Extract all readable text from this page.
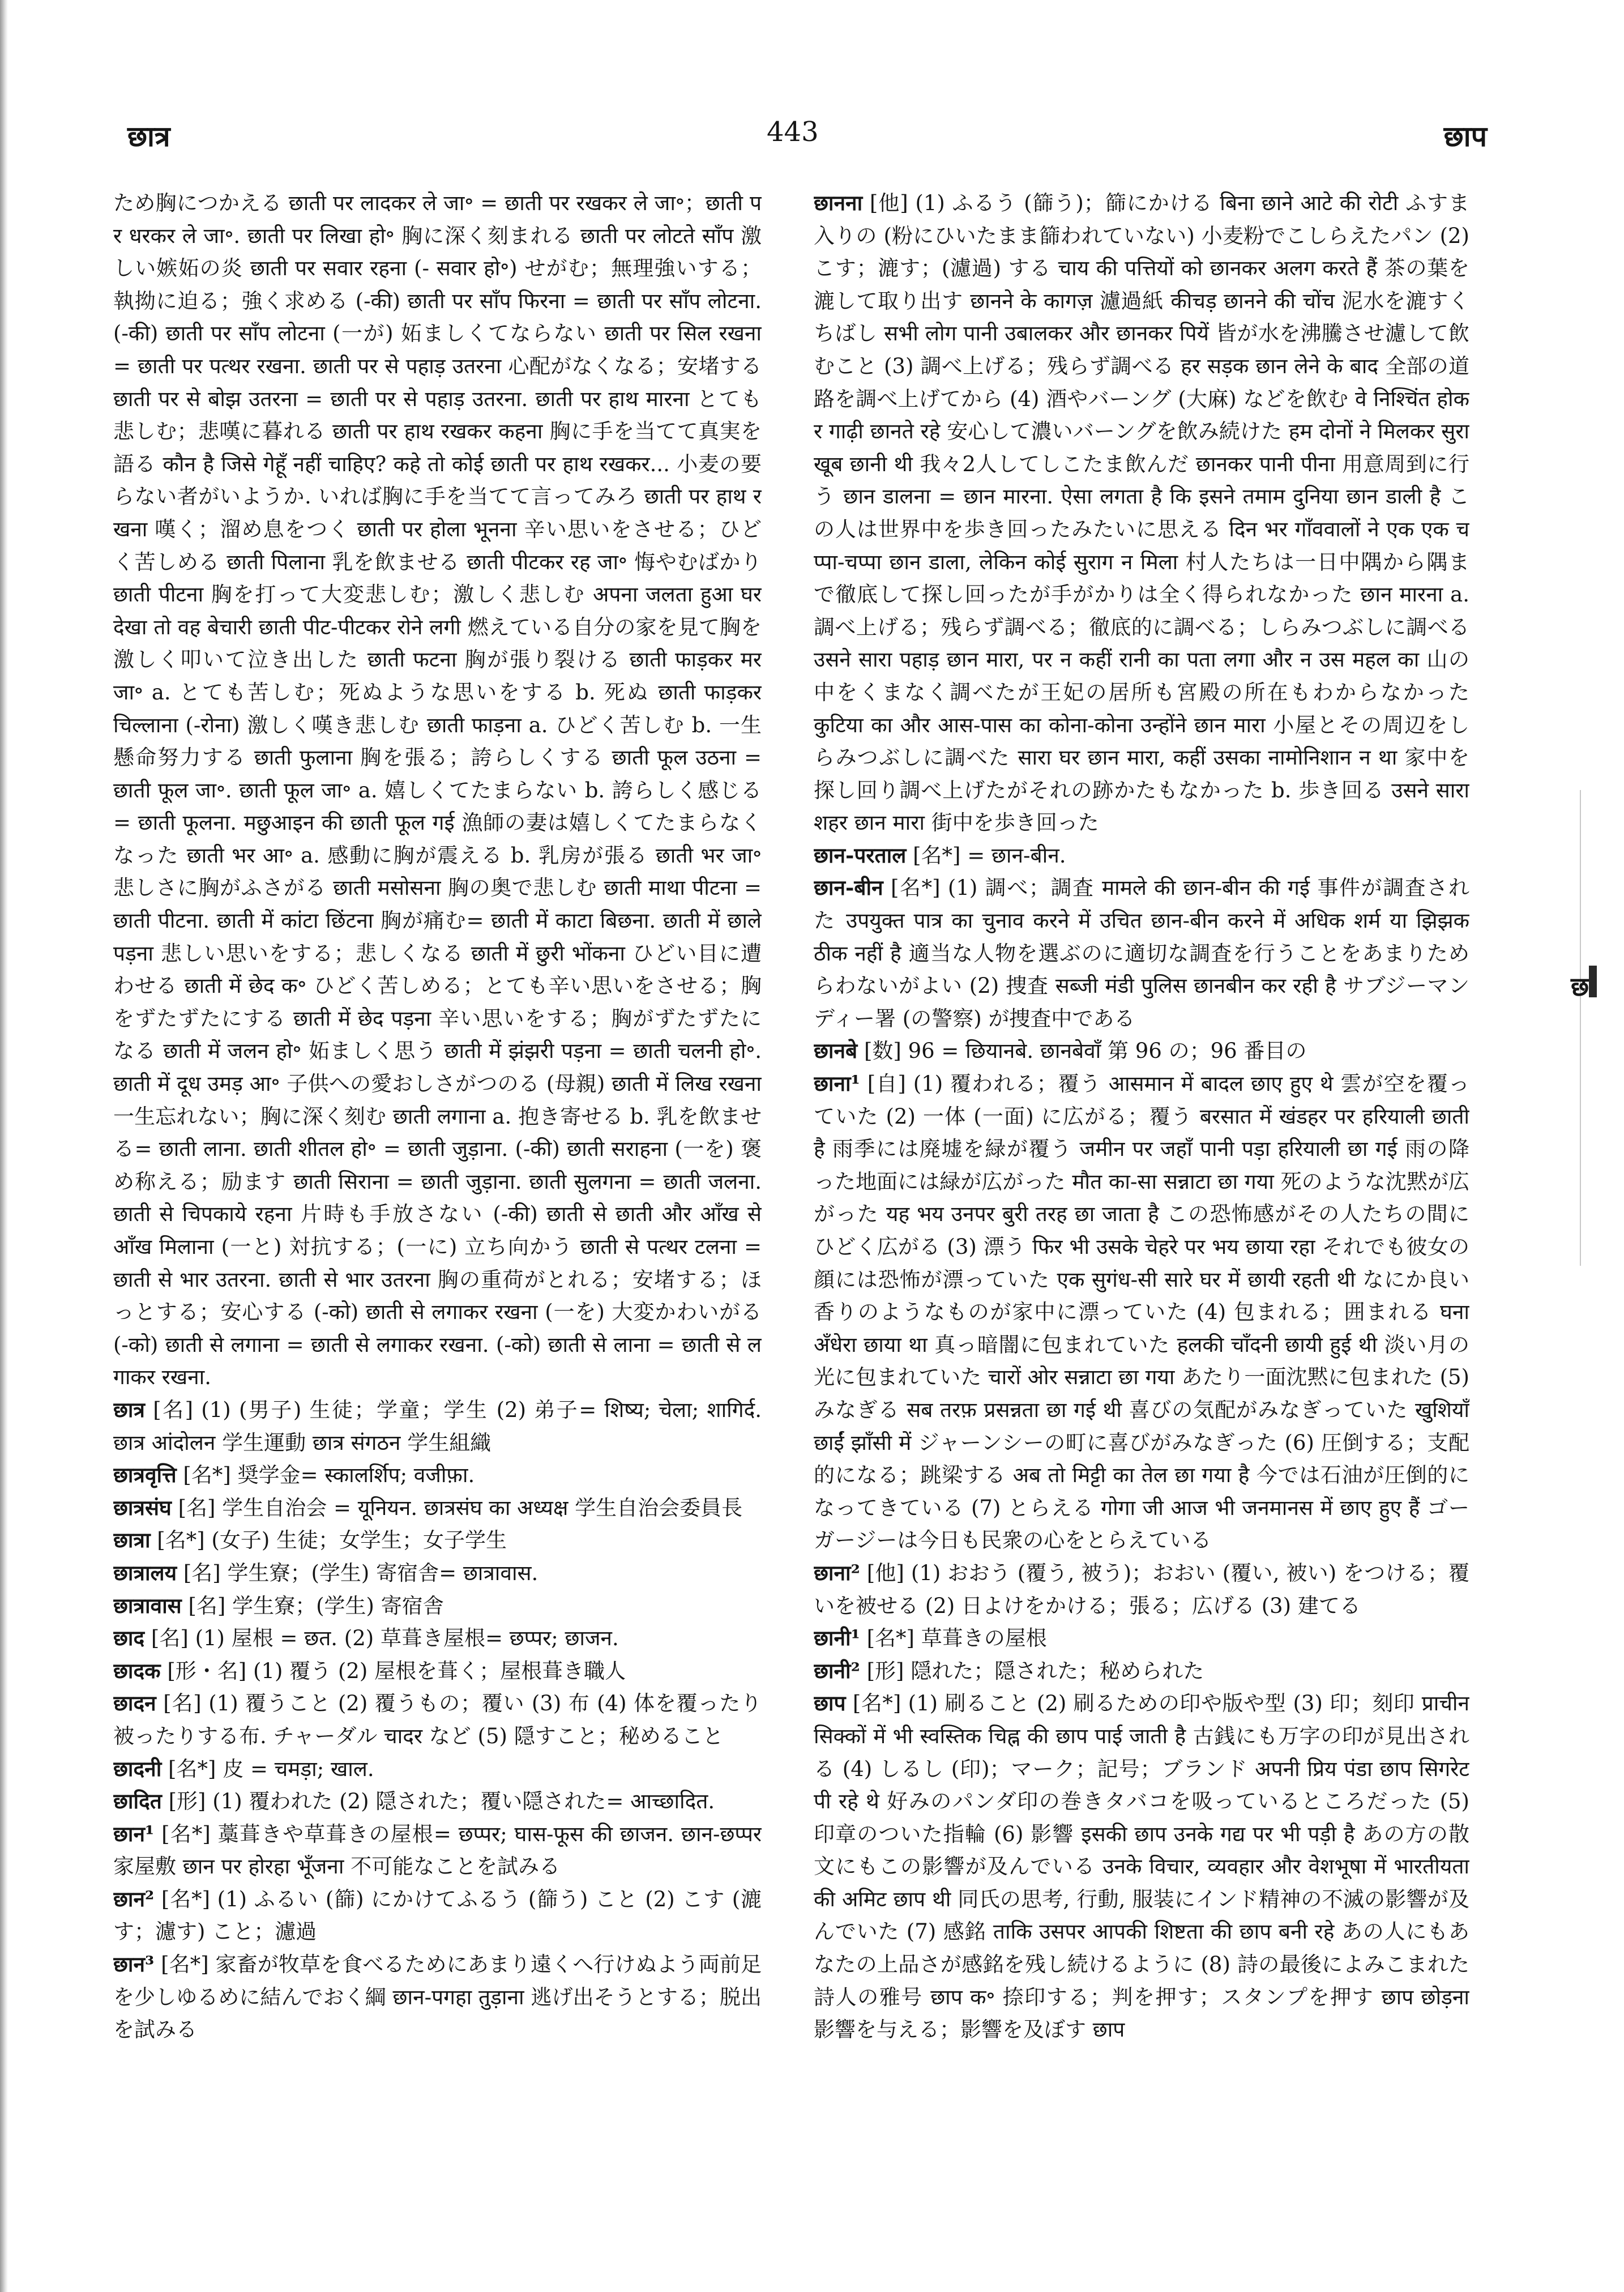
छात्र	443	छाप

ため胸につかえる छाती पर लादकर ले जा॰ = छाती पर रखकर ले जा॰；छाती पर धरकर ले जा॰. छाती पर लिखा हो॰ 胸に深く刻まれる छाती पर लोटते साँप 激しい嫉妬の炎 छाती पर सवार रहना (- सवार हो॰) せがむ；無理強いする；執拗に迫る；強く求める (-की) छाती पर साँप फिरना = छाती पर साँप लोटना. (-की) छाती पर साँप लोटना (一が) 妬ましくてならない छाती पर सिल रखना = छाती पर पत्थर रखना. छाती पर से पहाड़ उतरना 心配がなくなる；安堵する छाती पर से बोझ उतरना = छाती पर से पहाड़ उतरना. छाती पर हाथ मारना とても悲しむ；悲嘆に暮れる छाती पर हाथ रखकर कहना 胸に手を当てて真実を語る कौन है जिसे गेहूँ नहीं चाहिए? कहे तो कोई छाती पर हाथ रखकर... 小麦の要らない者がいようか. いれば胸に手を当てて言ってみろ छाती पर हाथ रखना 嘆く；溜め息をつく छाती पर होला भूनना 辛い思いをさせる；ひどく苦しめる छाती पिलाना 乳を飲ませる छाती पीटकर रह जा॰ 悔やむばかり छाती पीटना 胸を打って大変悲しむ；激しく悲しむ अपना जलता हुआ घर देखा तो वह बेचारी छाती पीट-पीटकर रोने लगी 燃えている自分の家を見て胸を激しく叩いて泣き出した छाती फटना 胸が張り裂ける छाती फाड़कर मर जा॰ a. とても苦しむ；死ぬような思いをする b. 死ぬ छाती फाड़कर चिल्लाना (-रोना) 激しく嘆き悲しむ छाती फाड़ना a. ひどく苦しむ b. 一生懸命努力する छाती फुलाना 胸を張る；誇らしくする छाती फूल उठना = छाती फूल जा॰. छाती फूल जा॰ a. 嬉しくてたまらない b. 誇らしく感じる= छाती फूलना. मछुआइन की छाती फूल गई 漁師の妻は嬉しくてたまらなくなった छाती भर आ॰ a. 感動に胸が震える b. 乳房が張る छाती भर जा॰ 悲しさに胸がふさがる छाती मसोसना 胸の奥で悲しむ छाती माथा पीटना = छाती पीटना. छाती में कांटा छिंटना 胸が痛む= छाती में काटा बिछना. छाती में छाले पड़ना 悲しい思いをする；悲しくなる छाती में छुरी भोंकना ひどい目に遭わせる छाती में छेद क॰ ひどく苦しめる；とても辛い思いをさせる；胸をずたずたにする छाती में छेद पड़ना 辛い思いをする；胸がずたずたになる छाती में जलन हो॰ 妬ましく思う छाती में झंझरी पड़ना = छाती चलनी हो॰. छाती में दूध उमड़ आ॰ 子供への愛おしさがつのる (母親) छाती में लिख रखना 一生忘れない；胸に深く刻む छाती लगाना a. 抱き寄せる b. 乳を飲ませる= छाती लाना. छाती शीतल हो॰ = छाती जुड़ाना. (-की) छाती सराहना (一を) 褒め称える；励ます छाती सिराना = छाती जुड़ाना. छाती सुलगना = छाती जलना. छाती से चिपकाये रहना 片時も手放さない (-की) छाती से छाती और आँख से आँख मिलाना (一と) 対抗する；(一に) 立ち向かう छाती से पत्थर टलना = छाती से भार उतरना. छाती से भार उतरना 胸の重荷がとれる；安堵する；ほっとする；安心する (-को) छाती से लगाकर रखना (一を) 大変かわいがる (-को) छाती से लगाना = छाती से लगाकर रखना. (-को) छाती से लाना = छाती से लगाकर रखना.

छात्र [名] (1) (男子) 生徒；学童；学生 (2) 弟子= शिष्य; चेला; शागिर्द. छात्र आंदोलन 学生運動 छात्र संगठन 学生組織

छात्रवृत्ति [名*] 奨学金= स्कालर्शिप; वजीफ़ा.

छात्रसंघ [名] 学生自治会 = यूनियन. छात्रसंघ का अध्यक्ष 学生自治会委員長

छात्रा [名*] (女子) 生徒；女学生；女子学生

छात्रालय [名] 学生寮；(学生) 寄宿舎= छात्रावास.

छात्रावास [名] 学生寮；(学生) 寄宿舎

छाद [名] (1) 屋根 = छत. (2) 草葺き屋根= छप्पर; छाजन.

छादक [形・名] (1) 覆う (2) 屋根を葺く；屋根葺き職人

छादन [名] (1) 覆うこと (2) 覆うもの；覆い (3) 布 (4) 体を覆ったり被ったりする布. チャーダル चादर など (5) 隠すこと；秘めること

छादनी [名*] 皮 = चमड़ा; खाल.

छादित [形] (1) 覆われた (2) 隠された；覆い隠された= आच्छादित.

छान¹ [名*] 藁葺きや草葺きの屋根= छप्पर; घास-फूस की छाजन. छान-छप्पर 家屋敷 छान पर होरहा भूँजना 不可能なことを試みる

छान² [名*] (1) ふるい (篩) にかけてふるう (篩う) こと (2) こす (漉す；濾す) こと；濾過

छान³ [名*] 家畜が牧草を食べるためにあまり遠くへ行けぬよう両前足を少しゆるめに結んでおく綱 छान-पगहा तुड़ाना 逃げ出そうとする；脱出を試みる

छानना [他] (1) ふるう (篩う)；篩にかける बिना छाने आटे की रोटी ふすま入りの (粉にひいたまま篩われていない) 小麦粉でこしらえたパン (2) こす；漉す；(濾過) する चाय की पत्तियों को छानकर अलग करते हैं 茶の葉を漉して取り出す छानने के कागज़ 濾過紙 कीचड़ छानने की चोंच 泥水を漉すくちばし सभी लोग पानी उबालकर और छानकर पियें 皆が水を沸騰させ濾して飲むこと (3) 調べ上げる；残らず調べる हर सड़क छान लेने के बाद 全部の道路を調べ上げてから (4) 酒やバーング (大麻) などを飲む वे निश्चिंत होकर गाढ़ी छानते रहे 安心して濃いバーングを飲み続けた हम दोनों ने मिलकर सुरा खूब छानी थी 我々2人してしこたま飲んだ छानकर पानी पीना 用意周到に行う छान डालना = छान मारना. ऐसा लगता है कि इसने तमाम दुनिया छान डाली है この人は世界中を歩き回ったみたいに思える दिन भर गाँववालों ने एक एक चप्पा-चप्पा छान डाला, लेकिन कोई सुराग न मिला 村人たちは一日中隅から隅まで徹底して探し回ったが手がかりは全く得られなかった छान मारना a. 調べ上げる；残らず調べる；徹底的に調べる；しらみつぶしに調べる उसने सारा पहाड़ छान मारा, पर न कहीं रानी का पता लगा और न उस महल का 山の中をくまなく調べたが王妃の居所も宮殿の所在もわからなかった कुटिया का और आस-पास का कोना-कोना उन्होंने छान मारा 小屋とその周辺をしらみつぶしに調べた सारा घर छान मारा, कहीं उसका नामोनिशान न था 家中を探し回り調べ上げたがそれの跡かたもなかった b. 歩き回る उसने सारा शहर छान मारा 街中を歩き回った

छान-परताल [名*] = छान-बीन.

छान-बीन [名*] (1) 調べ；調査 मामले की छान-बीन की गई 事件が調査された उपयुक्त पात्र का चुनाव करने में उचित छान-बीन करने में अधिक शर्म या झिझक ठीक नहीं है 適当な人物を選ぶのに適切な調査を行うことをあまりためらわないがよい (2) 捜査 सब्जी मंडी पुलिस छानबीन कर रही है サブジーマンディー署 (の警察) が捜査中である

छानबे [数] 96 = छियानबे. छानबेवाँ 第 96 の；96 番目の

छाना¹ [自] (1) 覆われる；覆う आसमान में बादल छाए हुए थे 雲が空を覆っていた (2) 一体 (一面) に広がる；覆う बरसात में खंडहर पर हरियाली छाती है 雨季には廃墟を緑が覆う जमीन पर जहाँ पानी पड़ा हरियाली छा गई 雨の降った地面には緑が広がった मौत का-सा सन्नाटा छा गया 死のような沈黙が広がった यह भय उनपर बुरी तरह छा जाता है この恐怖感がその人たちの間にひどく広がる (3) 漂う फिर भी उसके चेहरे पर भय छाया रहा それでも彼女の顔には恐怖が漂っていた एक सुगंध-सी सारे घर में छायी रहती थी なにか良い香りのようなものが家中に漂っていた (4) 包まれる；囲まれる घना अँधेरा छाया था 真っ暗闇に包まれていた हलकी चाँदनी छायी हुई थी 淡い月の光に包まれていた चारों ओर सन्नाटा छा गया あたり一面沈黙に包まれた (5) みなぎる सब तरफ़ प्रसन्नता छा गई थी 喜びの気配がみなぎっていた खुशियाँ छाईं झाँसी में ジャーンシーの町に喜びがみなぎった (6) 圧倒する；支配的になる；跳梁する अब तो मिट्टी का तेल छा गया है 今では石油が圧倒的になってきている (7) とらえる गोगा जी आज भी जनमानस में छाए हुए हैं ゴーガージーは今日も民衆の心をとらえている

छाना² [他] (1) おおう (覆う, 被う)；おおい (覆い, 被い) をつける；覆いを被せる (2) 日よけをかける；張る；広げる (3) 建てる

छानी¹ [名*] 草葺きの屋根

छानी² [形] 隠れた；隠された；秘められた

छाप [名*] (1) 刷ること (2) 刷るための印や版や型 (3) 印；刻印 प्राचीन सिक्कों में भी स्वस्तिक चिह्न की छाप पाई जाती है 古銭にも万字の印が見出される (4) しるし (印)；マーク；記号；ブランド अपनी प्रिय पंडा छाप सिगरेट पी रहे थे 好みのパンダ印の巻きタバコを吸っているところだった (5) 印章のついた指輪 (6) 影響 इसकी छाप उनके गद्य पर भी पड़ी है あの方の散文にもこの影響が及んでいる उनके विचार, व्यवहार और वेशभूषा में भारतीयता की अमिट छाप थी 同氏の思考, 行動, 服装にインド精神の不滅の影響が及んでいた (7) 感銘 ताकि उसपर आपकी शिष्टता की छाप बनी रहे あの人にもあなたの上品さが感銘を残し続けるように (8) 詩の最後によみこまれた詩人の雅号 छाप क॰ 捺印する；判を押す；スタンプを押す छाप छोड़ना 影響を与える；影響を及ぼす छाप

छ
